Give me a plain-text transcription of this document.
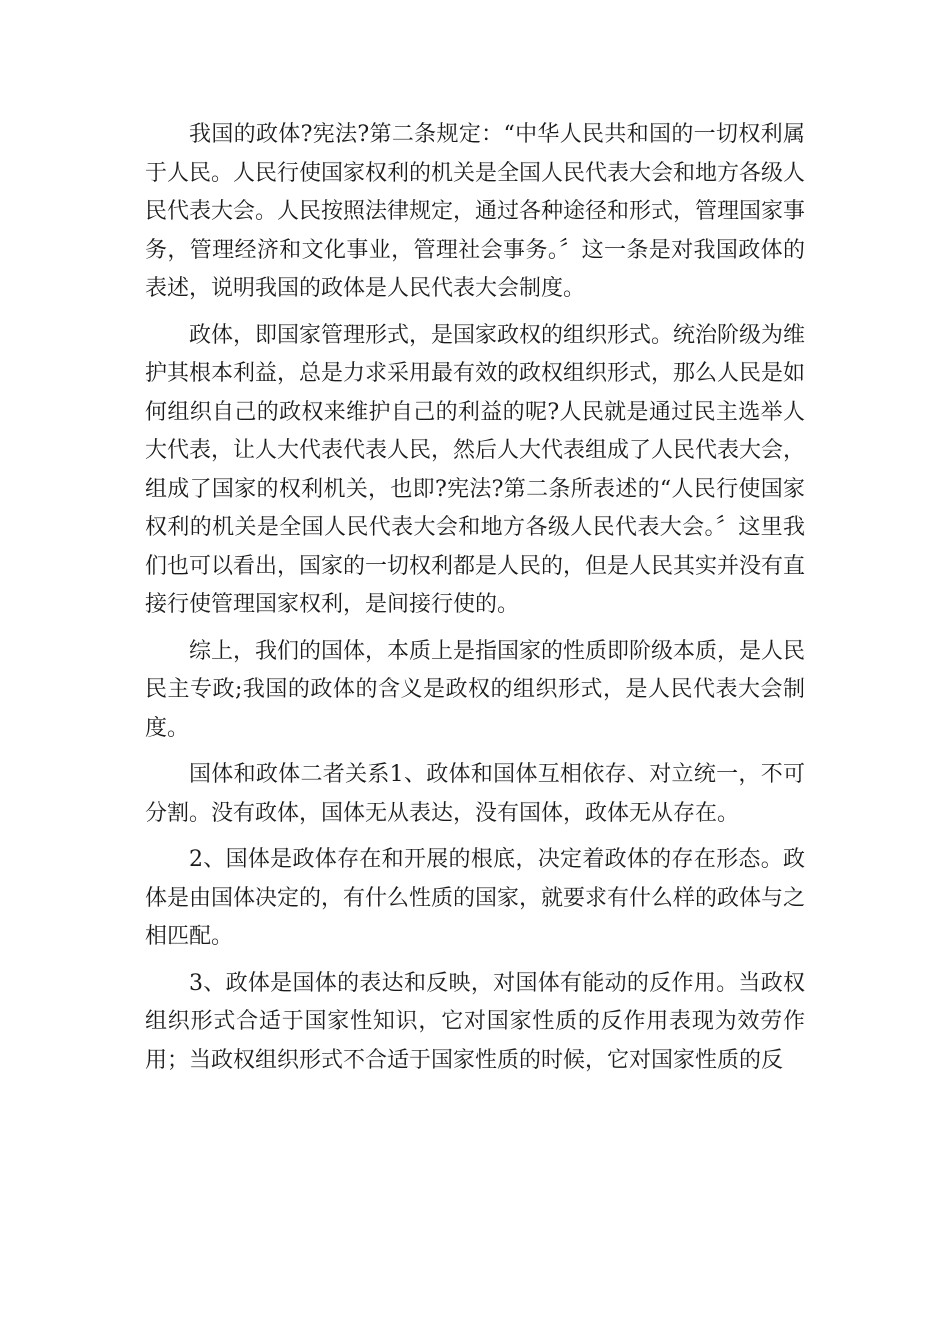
我国的政体?宪法?第二条规定：“中华人民共和国的一切权利属于人民。人民行使国家权利的机关是全国人民代表大会和地方各级人民代表大会。人民按照法律规定，通过各种途径和形式，管理国家事务，管理经济和文化事业，管理社会事务。〞这一条是对我国政体的表述，说明我国的政体是人民代表大会制度。

政体，即国家管理形式，是国家政权的组织形式。统治阶级为维护其根本利益，总是力求采用最有效的政权组织形式，那么人民是如何组织自己的政权来维护自己的利益的呢?人民就是通过民主选举人大代表，让人大代表代表人民，然后人大代表组成了人民代表大会，组成了国家的权利机关，也即?宪法?第二条所表述的“人民行使国家权利的机关是全国人民代表大会和地方各级人民代表大会。〞这里我们也可以看出，国家的一切权利都是人民的，但是人民其实并没有直接行使管理国家权利，是间接行使的。

综上，我们的国体，本质上是指国家的性质即阶级本质，是人民民主专政;我国的政体的含义是政权的组织形式，是人民代表大会制度。

国体和政体二者关系1、政体和国体互相依存、对立统一，不可分割。没有政体，国体无从表达，没有国体，政体无从存在。

2、国体是政体存在和开展的根底，决定着政体的存在形态。政体是由国体决定的，有什么性质的国家，就要求有什么样的政体与之相匹配。

3、政体是国体的表达和反映，对国体有能动的反作用。当政权组织形式合适于国家性知识，它对国家性质的反作用表现为效劳作用；当政权组织形式不合适于国家性质的时候，它对国家性质的反
